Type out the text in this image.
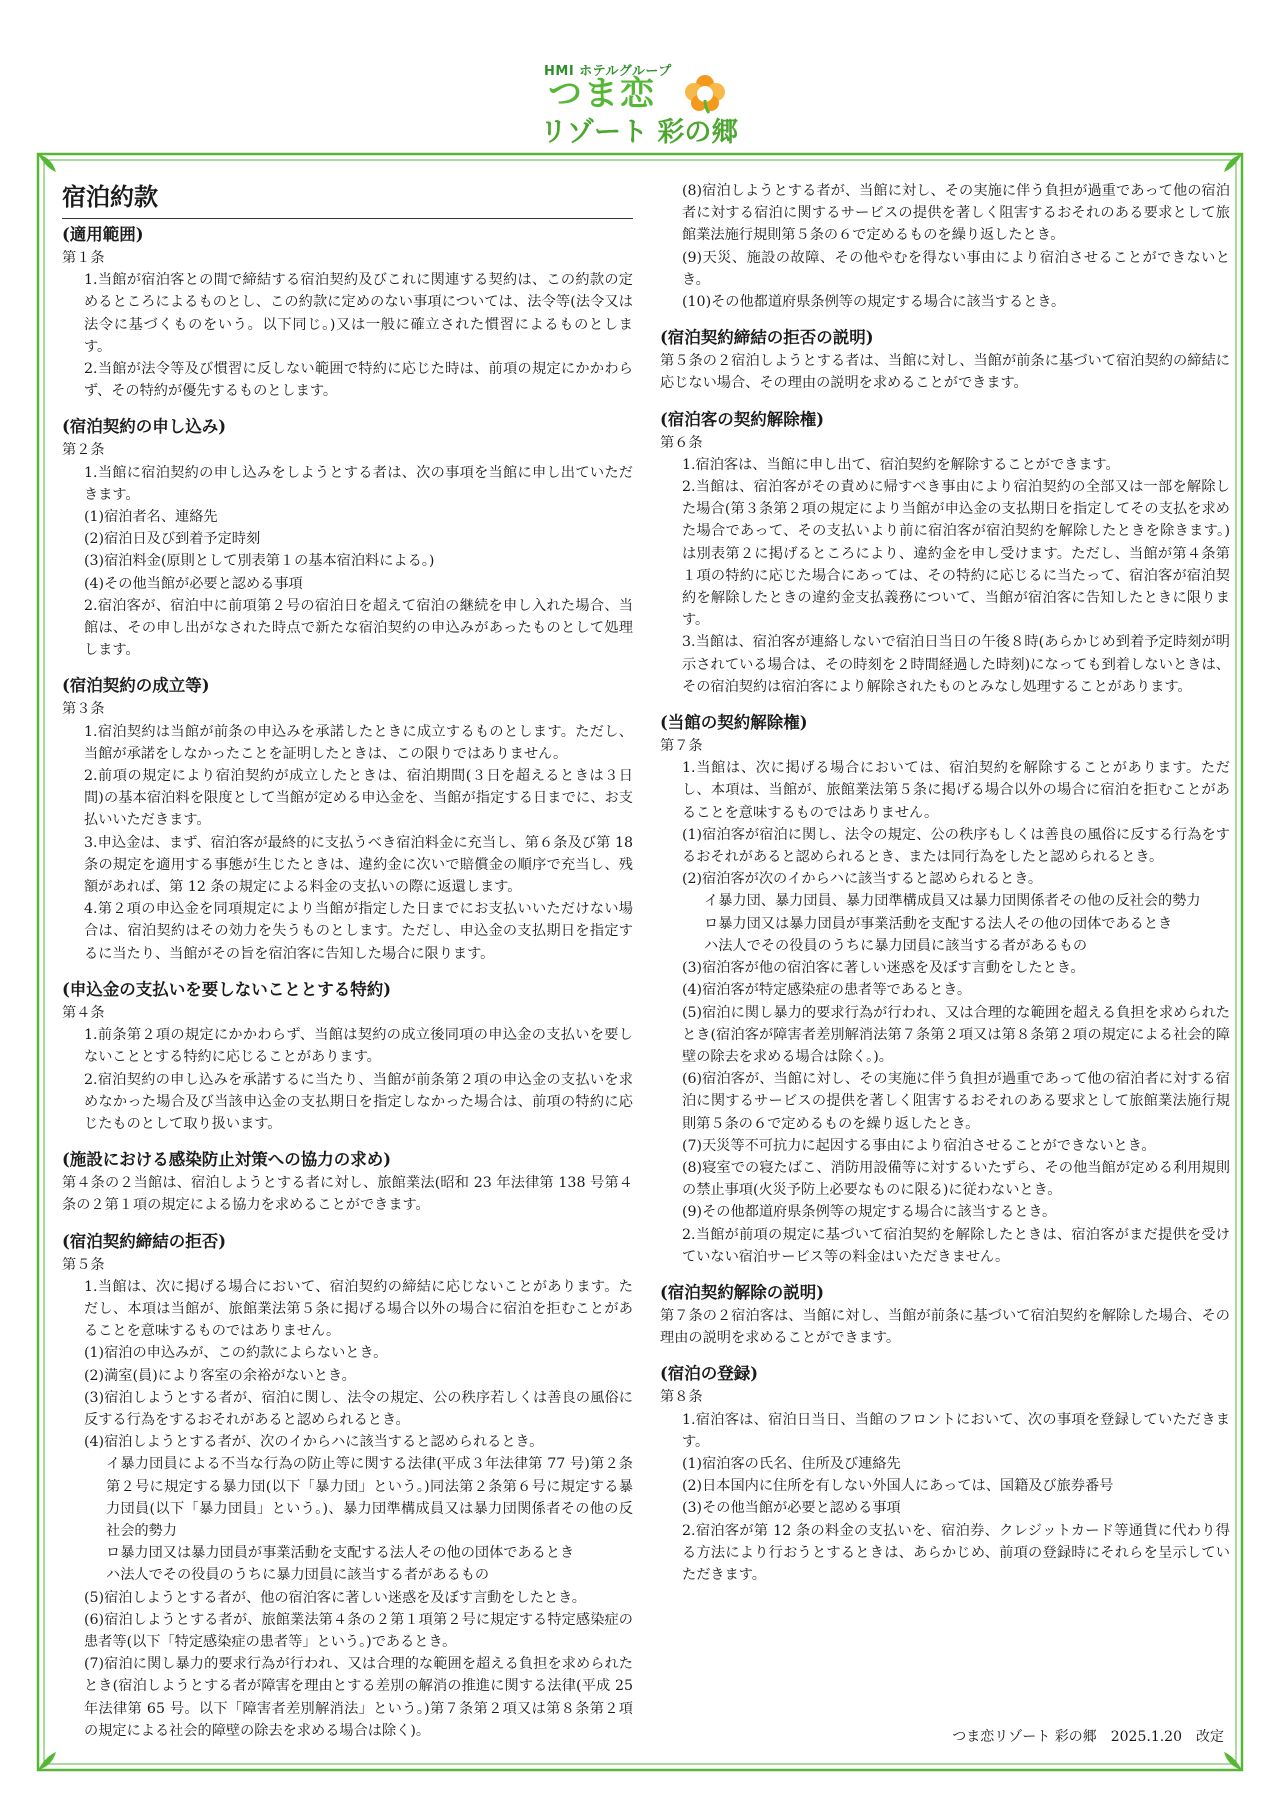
HMI ホテルグループ
つま恋
リゾート 彩の郷
宿泊約款

(適用範囲)

第１条

1.当館が宿泊客との間で締結する宿泊契約及びこれに関連する契約は、この約款の定めるところによるものとし、この約款に定めのない事項については、法令等(法令又は法令に基づくものをいう。以下同じ。)又は一般に確立された慣習によるものとします。
2.当館が法令等及び慣習に反しない範囲で特約に応じた時は、前項の規定にかかわらず、その特約が優先するものとします。

(宿泊契約の申し込み)

第２条

1.当館に宿泊契約の申し込みをしようとする者は、次の事項を当館に申し出ていただきます。
(1)宿泊者名、連絡先
(2)宿泊日及び到着予定時刻
(3)宿泊料金(原則として別表第１の基本宿泊料による。)
(4)その他当館が必要と認める事項
2.宿泊客が、宿泊中に前項第２号の宿泊日を超えて宿泊の継続を申し入れた場合、当館は、その申し出がなされた時点で新たな宿泊契約の申込みがあったものとして処理します。

(宿泊契約の成立等)

第３条

1.宿泊契約は当館が前条の申込みを承諾したときに成立するものとします。ただし、当館が承諾をしなかったことを証明したときは、この限りではありません。
2.前項の規定により宿泊契約が成立したときは、宿泊期間(３日を超えるときは３日間)の基本宿泊料を限度として当館が定める申込金を、当館が指定する日までに、お支払いいただきます。
3.申込金は、まず、宿泊客が最終的に支払うべき宿泊料金に充当し、第６条及び第 18 条の規定を適用する事態が生じたときは、違約金に次いで賠償金の順序で充当し、残額があれば、第 12 条の規定による料金の支払いの際に返還します。
4.第２項の申込金を同項規定により当館が指定した日までにお支払いいただけない場合は、宿泊契約はその効力を失うものとします。ただし、申込金の支払期日を指定するに当たり、当館がその旨を宿泊客に告知した場合に限ります。

(申込金の支払いを要しないこととする特約)

第４条

1.前条第２項の規定にかかわらず、当館は契約の成立後同項の申込金の支払いを要しないこととする特約に応じることがあります。
2.宿泊契約の申し込みを承諾するに当たり、当館が前条第２項の申込金の支払いを求めなかった場合及び当該申込金の支払期日を指定しなかった場合は、前項の特約に応じたものとして取り扱います。

(施設における感染防止対策への協力の求め)

第４条の２当館は、宿泊しようとする者に対し、旅館業法(昭和 23 年法律第 138 号第４条の２第１項の規定による協力を求めることができます。

(宿泊契約締結の拒否)

第５条

1.当館は、次に掲げる場合において、宿泊契約の締結に応じないことがあります。ただし、本項は当館が、旅館業法第５条に掲げる場合以外の場合に宿泊を拒むことがあることを意味するものではありません。
(1)宿泊の申込みが、この約款によらないとき。
(2)満室(員)により客室の余裕がないとき。
(3)宿泊しようとする者が、宿泊に関し、法令の規定、公の秩序若しくは善良の風俗に反する行為をするおそれがあると認められるとき。
(4)宿泊しようとする者が、次のイからハに該当すると認められるとき。
イ暴力団員による不当な行為の防止等に関する法律(平成３年法律第 77 号)第２条第２号に規定する暴力団(以下「暴力団」という。)同法第２条第６号に規定する暴力団員(以下「暴力団員」という。)、暴力団準構成員又は暴力団関係者その他の反社会的勢力
ロ暴力団又は暴力団員が事業活動を支配する法人その他の団体であるとき
ハ法人でその役員のうちに暴力団員に該当する者があるもの
(5)宿泊しようとする者が、他の宿泊客に著しい迷惑を及ぼす言動をしたとき。
(6)宿泊しようとする者が、旅館業法第４条の２第１項第２号に規定する特定感染症の患者等(以下「特定感染症の患者等」という。)であるとき。
(7)宿泊に関し暴力的要求行為が行われ、又は合理的な範囲を超える負担を求められたとき(宿泊しようとする者が障害を理由とする差別の解消の推進に関する法律(平成 25 年法律第 65 号。以下「障害者差別解消法」という。)第７条第２項又は第８条第２項の規定による社会的障壁の除去を求める場合は除く)。
(8)宿泊しようとする者が、当館に対し、その実施に伴う負担が過重であって他の宿泊者に対する宿泊に関するサービスの提供を著しく阻害するおそれのある要求として旅館業法施行規則第５条の６で定めるものを繰り返したとき。
(9)天災、施設の故障、その他やむを得ない事由により宿泊させることができないとき。
(10)その他都道府県条例等の規定する場合に該当するとき。

(宿泊契約締結の拒否の説明)

第５条の２宿泊しようとする者は、当館に対し、当館が前条に基づいて宿泊契約の締結に応じない場合、その理由の説明を求めることができます。

(宿泊客の契約解除権)

第６条

1.宿泊客は、当館に申し出て、宿泊契約を解除することができます。
2.当館は、宿泊客がその責めに帰すべき事由により宿泊契約の全部又は一部を解除した場合(第３条第２項の規定により当館が申込金の支払期日を指定してその支払を求めた場合であって、その支払いより前に宿泊客が宿泊契約を解除したときを除きます。)は別表第２に掲げるところにより、違約金を申し受けます。ただし、当館が第４条第１項の特約に応じた場合にあっては、その特約に応じるに当たって、宿泊客が宿泊契約を解除したときの違約金支払義務について、当館が宿泊客に告知したときに限ります。
3.当館は、宿泊客が連絡しないで宿泊日当日の午後８時(あらかじめ到着予定時刻が明示されている場合は、その時刻を２時間経過した時刻)になっても到着しないときは、その宿泊契約は宿泊客により解除されたものとみなし処理することがあります。

(当館の契約解除権)

第７条

1.当館は、次に掲げる場合においては、宿泊契約を解除することがあります。ただし、本項は、当館が、旅館業法第５条に掲げる場合以外の場合に宿泊を拒むことがあることを意味するものではありません。
(1)宿泊客が宿泊に関し、法令の規定、公の秩序もしくは善良の風俗に反する行為をするおそれがあると認められるとき、または同行為をしたと認められるとき。
(2)宿泊客が次のイからハに該当すると認められるとき。
イ暴力団、暴力団員、暴力団準構成員又は暴力団関係者その他の反社会的勢力
ロ暴力団又は暴力団員が事業活動を支配する法人その他の団体であるとき
ハ法人でその役員のうちに暴力団員に該当する者があるもの
(3)宿泊客が他の宿泊客に著しい迷惑を及ぼす言動をしたとき。
(4)宿泊客が特定感染症の患者等であるとき。
(5)宿泊に関し暴力的要求行為が行われ、又は合理的な範囲を超える負担を求められたとき(宿泊客が障害者差別解消法第７条第２項又は第８条第２項の規定による社会的障壁の除去を求める場合は除く。)。
(6)宿泊客が、当館に対し、その実施に伴う負担が過重であって他の宿泊者に対する宿泊に関するサービスの提供を著しく阻害するおそれのある要求として旅館業法施行規則第５条の６で定めるものを繰り返したとき。
(7)天災等不可抗力に起因する事由により宿泊させることができないとき。
(8)寝室での寝たばこ、消防用設備等に対するいたずら、その他当館が定める利用規則の禁止事項(火災予防上必要なものに限る)に従わないとき。
(9)その他都道府県条例等の規定する場合に該当するとき。
2.当館が前項の規定に基づいて宿泊契約を解除したときは、宿泊客がまだ提供を受けていない宿泊サービス等の料金はいただきません。

(宿泊契約解除の説明)

第７条の２宿泊客は、当館に対し、当館が前条に基づいて宿泊契約を解除した場合、その理由の説明を求めることができます。

(宿泊の登録)

第８条

1.宿泊客は、宿泊日当日、当館のフロントにおいて、次の事項を登録していただきます。
(1)宿泊客の氏名、住所及び連絡先
(2)日本国内に住所を有しない外国人にあっては、国籍及び旅券番号
(3)その他当館が必要と認める事項
2.宿泊客が第 12 条の料金の支払いを、宿泊券、クレジットカード等通貨に代わり得る方法により行おうとするときは、あらかじめ、前項の登録時にそれらを呈示していただきます。
つま恋リゾート 彩の郷　2025.1.20　改定
